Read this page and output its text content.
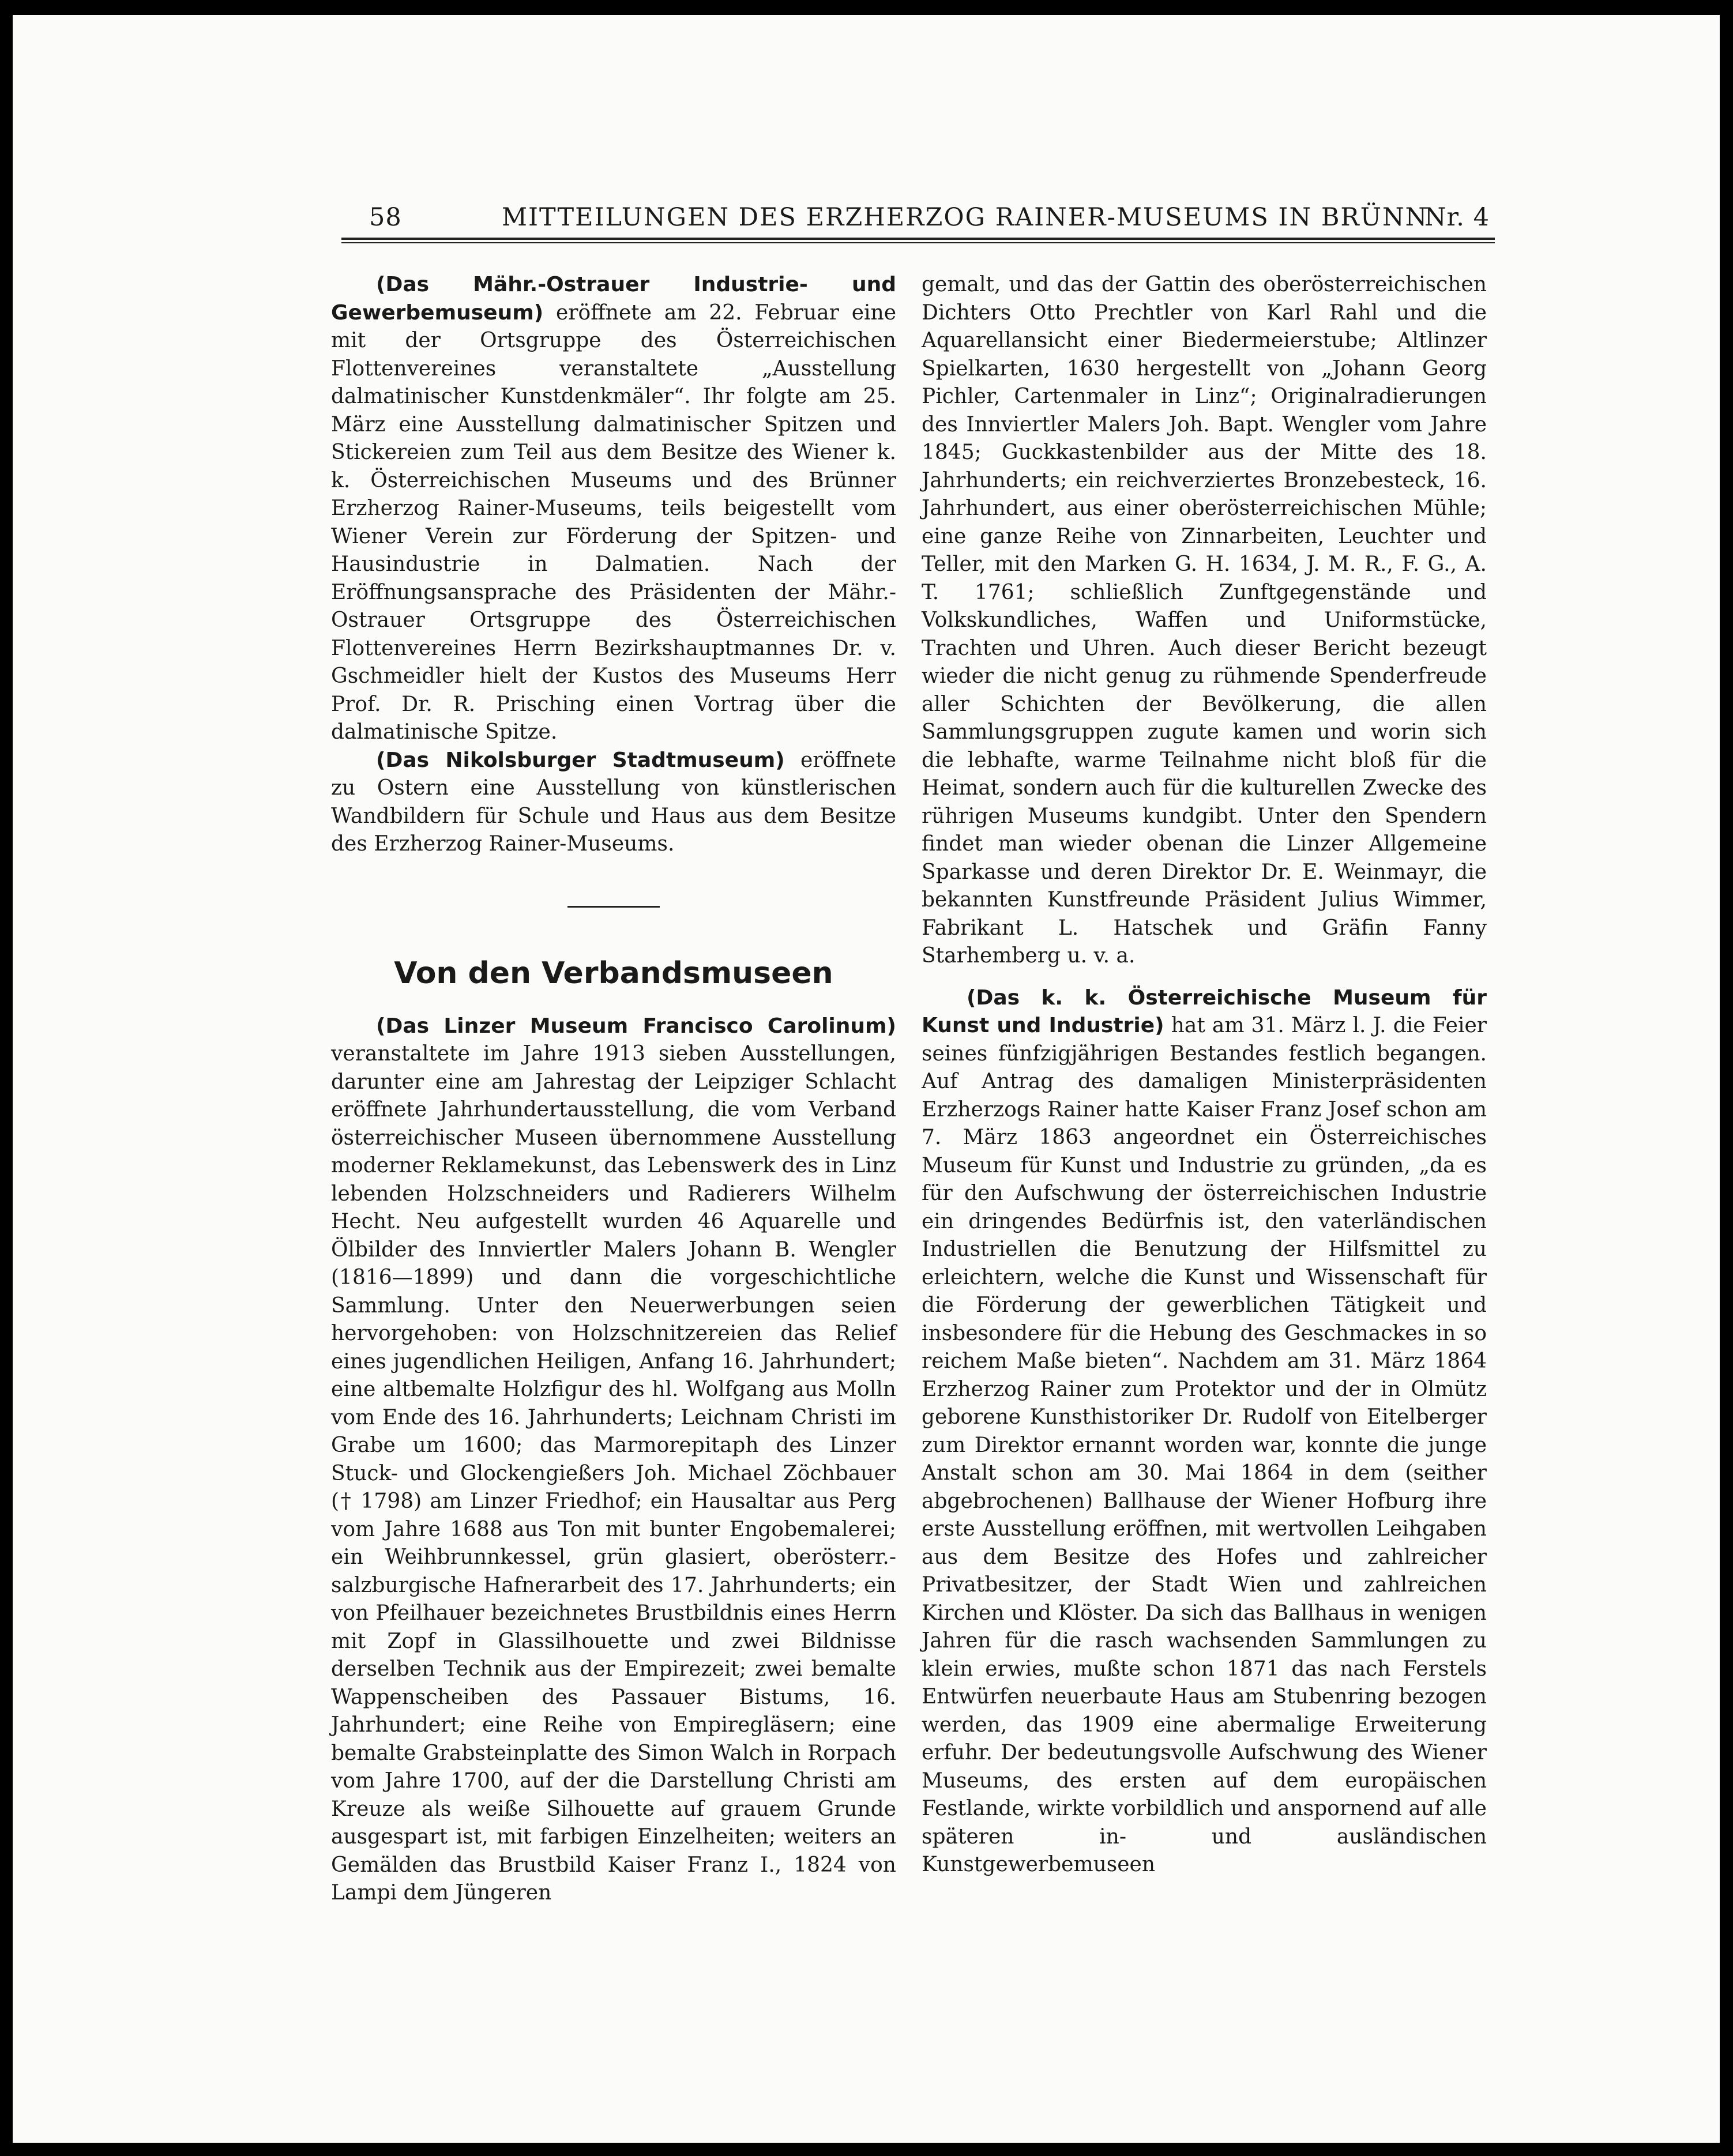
58	MITTEILUNGEN DES ERZHERZOG RAINER-MUSEUMS IN BRÜNN
Nr. 4

(Das Mähr.-Ostrauer Industrie- und Gewerbemuseum) eröffnete am 22. Februar eine mit der Ortsgruppe des Österreichischen Flottenvereines veranstaltete „Ausstellung dalmatinischer Kunstdenkmäler“. Ihr folgte am 25. März eine Ausstellung dalmatinischer Spitzen und Stickereien zum Teil aus dem Besitze des Wiener k. k. Österreichischen Museums und des Brünner Erzherzog Rainer-Museums, teils beigestellt vom Wiener Verein zur Förderung der Spitzen- und Hausindustrie in Dalmatien. Nach der Eröffnungsansprache des Präsidenten der Mähr.-Ostrauer Ortsgruppe des Österreichischen Flottenvereines Herrn Bezirkshauptmannes Dr. v. Gschmeidler hielt der Kustos des Museums Herr Prof. Dr. R. Prisching einen Vortrag über die dalmatinische Spitze.

(Das Nikolsburger Stadtmuseum) eröffnete zu Ostern eine Ausstellung von künstlerischen Wandbildern für Schule und Haus aus dem Besitze des Erzherzog Rainer-Museums.

Von den Verbandsmuseen

(Das Linzer Museum Francisco Carolinum) veranstaltete im Jahre 1913 sieben Ausstellungen, darunter eine am Jahrestag der Leipziger Schlacht eröffnete Jahrhundertausstellung, die vom Verband österreichischer Museen übernommene Ausstellung moderner Reklamekunst, das Lebenswerk des in Linz lebenden Holzschneiders und Radierers Wilhelm Hecht. Neu aufgestellt wurden 46 Aquarelle und Ölbilder des Innviertler Malers Johann B. Wengler (1816—1899) und dann die vorgeschichtliche Sammlung. Unter den Neuerwerbungen seien hervorgehoben: von Holzschnitzereien das Relief eines jugendlichen Heiligen, Anfang 16. Jahrhundert; eine altbemalte Holzfigur des hl. Wolfgang aus Molln vom Ende des 16. Jahrhunderts; Leichnam Christi im Grabe um 1600; das Marmorepitaph des Linzer Stuck- und Glockengießers Joh. Michael Zöchbauer († 1798) am Linzer Friedhof; ein Hausaltar aus Perg vom Jahre 1688 aus Ton mit bunter Engobemalerei; ein Weihbrunnkessel, grün glasiert, oberösterr.-salzburgische Hafnerarbeit des 17. Jahrhunderts; ein von Pfeilhauer bezeichnetes Brustbildnis eines Herrn mit Zopf in Glassilhouette und zwei Bildnisse derselben Technik aus der Empirezeit; zwei bemalte Wappenscheiben des Passauer Bistums, 16. Jahrhundert; eine Reihe von Empiregläsern; eine bemalte Grabsteinplatte des Simon Walch in Rorpach vom Jahre 1700, auf der die Darstellung Christi am Kreuze als weiße Silhouette auf grauem Grunde ausgespart ist, mit farbigen Einzelheiten; weiters an Gemälden das Brustbild Kaiser Franz I., 1824 von Lampi dem Jüngeren

gemalt, und das der Gattin des oberösterreichischen Dichters Otto Prechtler von Karl Rahl und die Aquarellansicht einer Biedermeierstube; Altlinzer Spielkarten, 1630 hergestellt von „Johann Georg Pichler, Cartenmaler in Linz“; Originalradierungen des Innviertler Malers Joh. Bapt. Wengler vom Jahre 1845; Guckkastenbilder aus der Mitte des 18. Jahrhunderts; ein reichverziertes Bronzebesteck, 16. Jahrhundert, aus einer oberösterreichischen Mühle; eine ganze Reihe von Zinnarbeiten, Leuchter und Teller, mit den Marken G. H. 1634, J. M. R., F. G., A. T. 1761; schließlich Zunftgegenstände und Volkskundliches, Waffen und Uniformstücke, Trachten und Uhren. Auch dieser Bericht bezeugt wieder die nicht genug zu rühmende Spenderfreude aller Schichten der Bevölkerung, die allen Sammlungsgruppen zugute kamen und worin sich die lebhafte, warme Teilnahme nicht bloß für die Heimat, sondern auch für die kulturellen Zwecke des rührigen Museums kundgibt. Unter den Spendern findet man wieder obenan die Linzer Allgemeine Sparkasse und deren Direktor Dr. E. Weinmayr, die bekannten Kunstfreunde Präsident Julius Wimmer, Fabrikant L. Hatschek und Gräfin Fanny Starhemberg u. v. a.

(Das k. k. Österreichische Museum für Kunst und Industrie) hat am 31. März l. J. die Feier seines fünfzigjährigen Bestandes festlich begangen. Auf Antrag des damaligen Ministerpräsidenten Erzherzogs Rainer hatte Kaiser Franz Josef schon am 7. März 1863 angeordnet ein Österreichisches Museum für Kunst und Industrie zu gründen, „da es für den Aufschwung der österreichischen Industrie ein dringendes Bedürfnis ist, den vaterländischen Industriellen die Benutzung der Hilfsmittel zu erleichtern, welche die Kunst und Wissenschaft für die Förderung der gewerblichen Tätigkeit und insbesondere für die Hebung des Geschmackes in so reichem Maße bieten“. Nachdem am 31. März 1864 Erzherzog Rainer zum Protektor und der in Olmütz geborene Kunsthistoriker Dr. Rudolf von Eitelberger zum Direktor ernannt worden war, konnte die junge Anstalt schon am 30. Mai 1864 in dem (seither abgebrochenen) Ballhause der Wiener Hofburg ihre erste Ausstellung eröffnen, mit wertvollen Leihgaben aus dem Besitze des Hofes und zahlreicher Privatbesitzer, der Stadt Wien und zahlreichen Kirchen und Klöster. Da sich das Ballhaus in wenigen Jahren für die rasch wachsenden Sammlungen zu klein erwies, mußte schon 1871 das nach Ferstels Entwürfen neuerbaute Haus am Stubenring bezogen werden, das 1909 eine abermalige Erweiterung erfuhr. Der bedeutungsvolle Aufschwung des Wiener Museums, des ersten auf dem europäischen Festlande, wirkte vorbildlich und anspornend auf alle späteren in- und ausländischen Kunstgewerbemuseen
